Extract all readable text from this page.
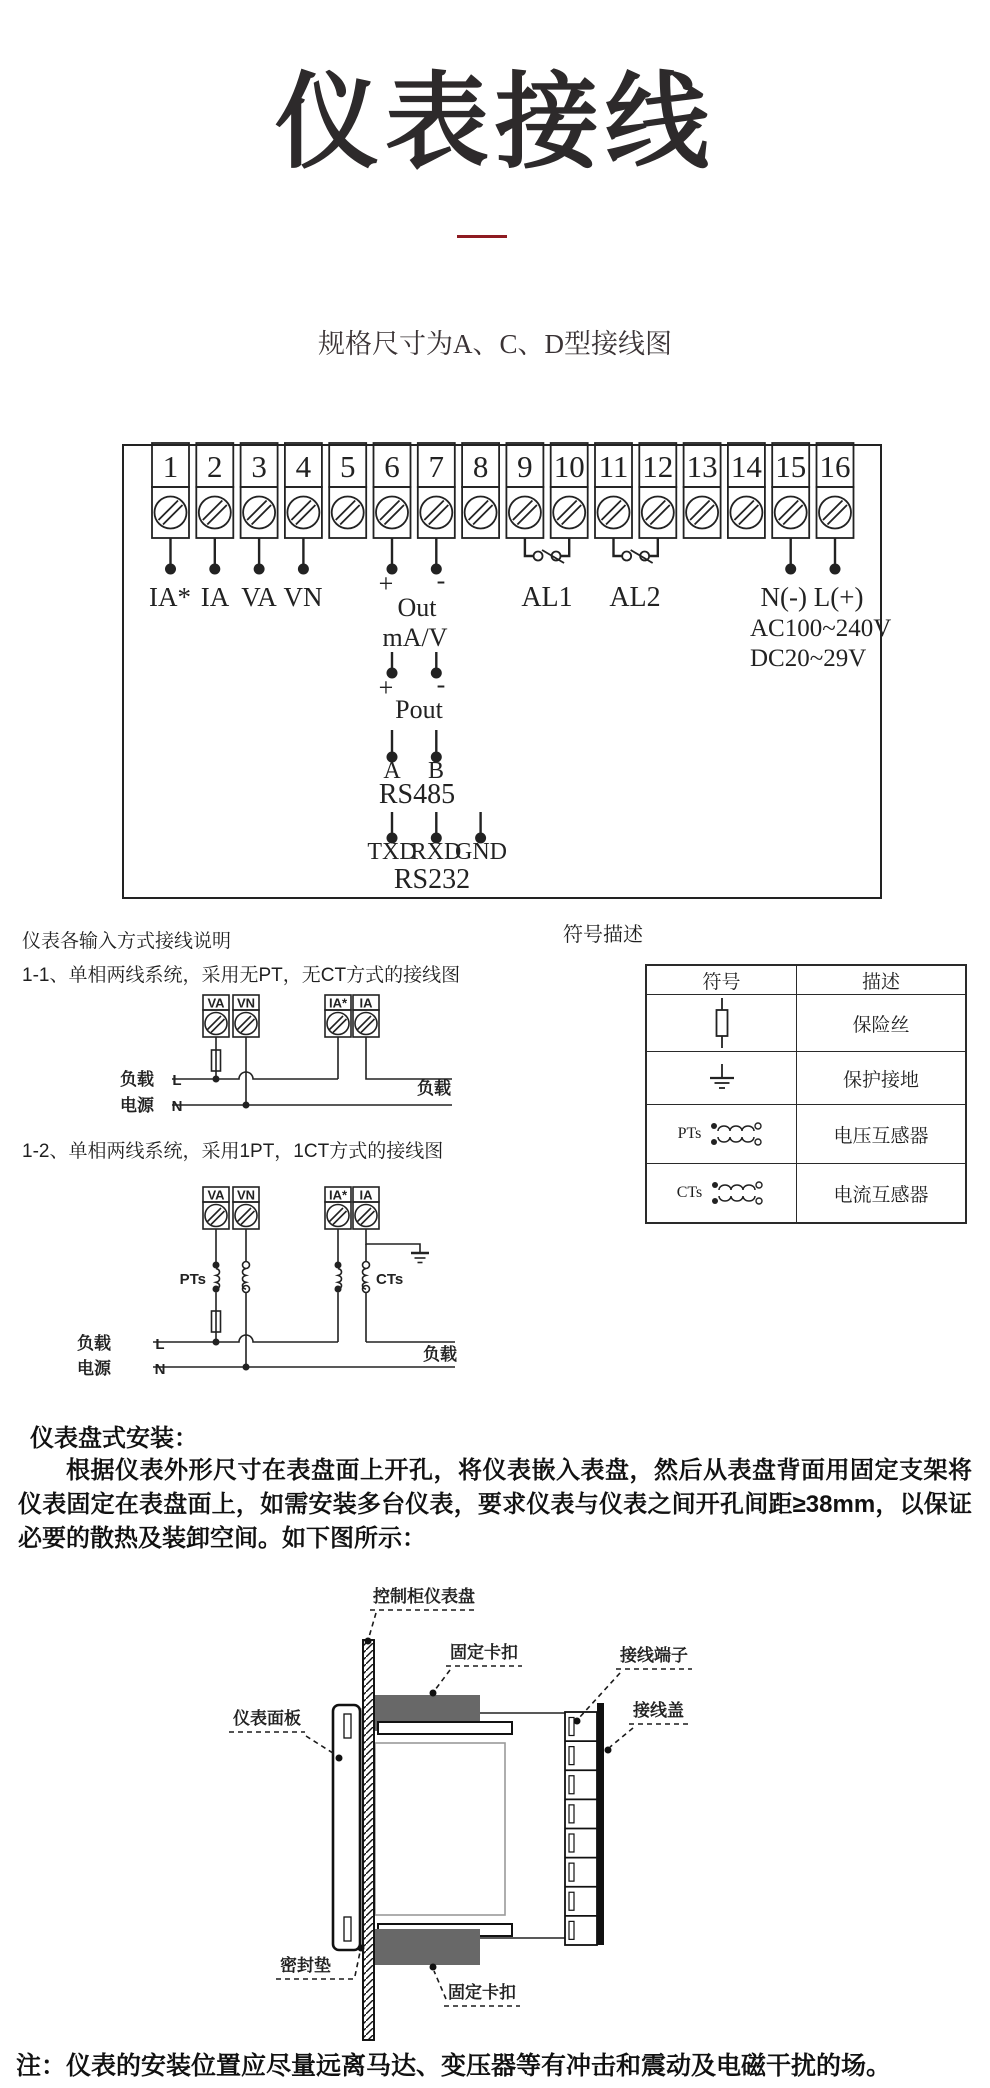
仪表接线
规格尺寸为A、C、D型接线图
1 2 3 4 5 6 7 8 9 10 11 12 13 14 15 16
IA* IA VA VN + -
Out
mA/V
AL1 AL2	N(-) L(+)
AC100~240V
DC20~29V
+ -
Pout
A B
RS485
TXD
RXD
GND
RS232
仪表各输入方式接线说明
1-1、单相两线系统，采用无PT，无CT方式的接线图
1-2、单相两线系统，采用1PT，1CT方式的接线图
符号描述
VA VN	IA* IA
负载 L
电源 N
负载
VA VN	IA* IA
PTs	CTs
负载	L
电源	N
负载
符号	描述
保险丝
保护接地
PTs	电压互感器
CTs	电流互感器
仪表盘式安装：
根据仪表外形尺寸在表盘面上开孔，将仪表嵌入表盘，然后从表盘背面用固定支架将仪表固定在表盘面上，如需安装多台仪表，要求仪表与仪表之间开孔间距≥38mm，以保证必要的散热及装卸空间。如下图所示：
控制柜仪表盘
固定卡扣	接线端子
接线盖
仪表面板
密封垫
固定卡扣
注：仪表的安装位置应尽量远离马达、变压器等有冲击和震动及电磁干扰的场。
